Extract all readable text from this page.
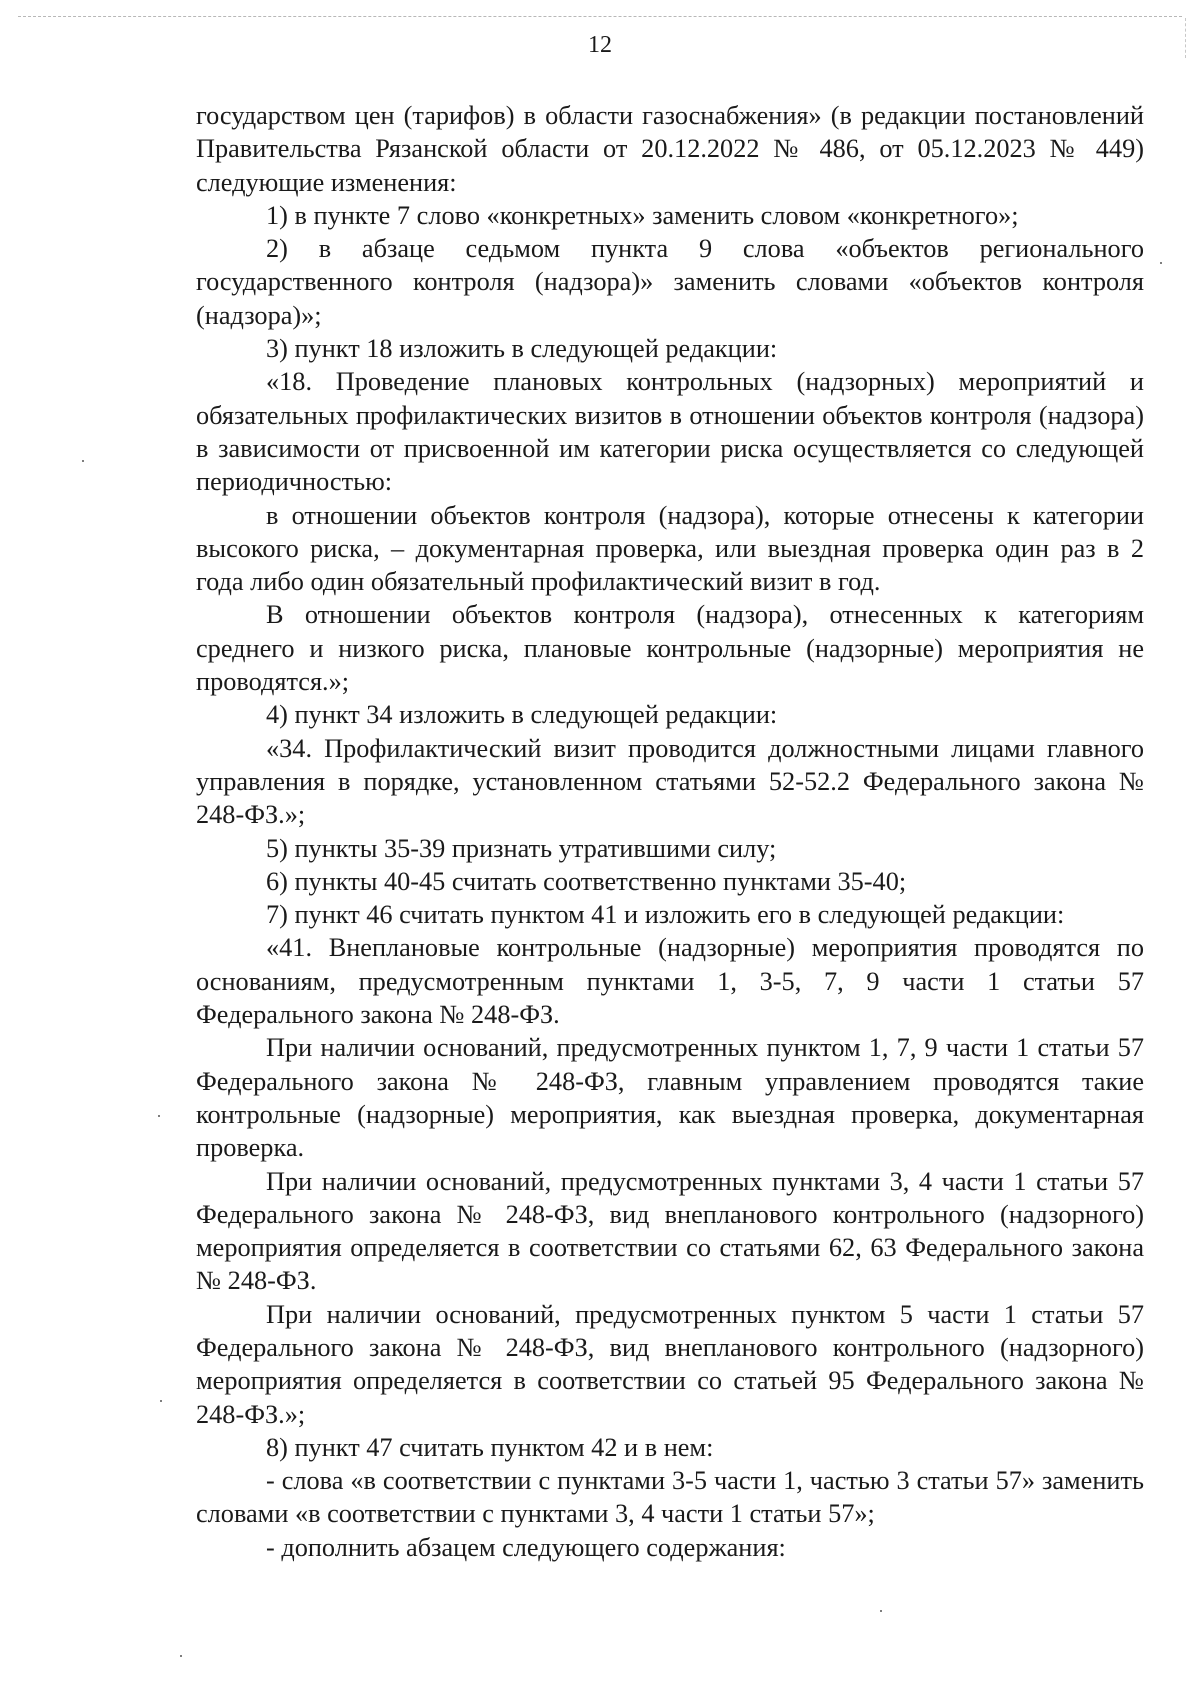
12

государством цен (тарифов) в области газоснабжения» (в редакции постановлений Правительства Рязанской области от 20.12.2022 № 486, от 05.12.2023 № 449) следующие изменения:

1) в пункте 7 слово «конкретных» заменить словом «конкретного»;

2) в абзаце седьмом пункта 9 слова «объектов регионального государственного контроля (надзора)» заменить словами «объектов контроля (надзора)»;

3) пункт 18 изложить в следующей редакции:

«18. Проведение плановых контрольных (надзорных) мероприятий и обязательных профилактических визитов в отношении объектов контроля (надзора) в зависимости от присвоенной им категории риска осуществляется со следующей периодичностью:

в отношении объектов контроля (надзора), которые отнесены к категории высокого риска, – документарная проверка, или выездная проверка один раз в 2 года либо один обязательный профилактический визит в год.

В отношении объектов контроля (надзора), отнесенных к категориям среднего и низкого риска, плановые контрольные (надзорные) мероприятия не проводятся.»;

4) пункт 34 изложить в следующей редакции:

«34. Профилактический визит проводится должностными лицами главного управления в порядке, установленном статьями 52-52.2 Федерального закона № 248-ФЗ.»;

5) пункты 35-39 признать утратившими силу;

6) пункты 40-45 считать соответственно пунктами 35-40;

7) пункт 46 считать пунктом 41 и изложить его в следующей редакции:

«41. Внеплановые контрольные (надзорные) мероприятия проводятся по основаниям, предусмотренным пунктами 1, 3-5, 7, 9 части 1 статьи 57 Федерального закона № 248-ФЗ.

При наличии оснований, предусмотренных пунктом 1, 7, 9 части 1 статьи 57 Федерального закона № 248-ФЗ, главным управлением проводятся такие контрольные (надзорные) мероприятия, как выездная проверка, документарная проверка.

При наличии оснований, предусмотренных пунктами 3, 4 части 1 статьи 57 Федерального закона № 248-ФЗ, вид внепланового контрольного (надзорного) мероприятия определяется в соответствии со статьями 62, 63 Федерального закона № 248-ФЗ.

При наличии оснований, предусмотренных пунктом 5 части 1 статьи 57 Федерального закона № 248-ФЗ, вид внепланового контрольного (надзорного) мероприятия определяется в соответствии со статьей 95 Федерального закона № 248-ФЗ.»;

8) пункт 47 считать пунктом 42 и в нем:

- слова «в соответствии с пунктами 3-5 части 1, частью 3 статьи 57» заменить словами «в соответствии с пунктами 3, 4 части 1 статьи 57»;

- дополнить абзацем следующего содержания:
